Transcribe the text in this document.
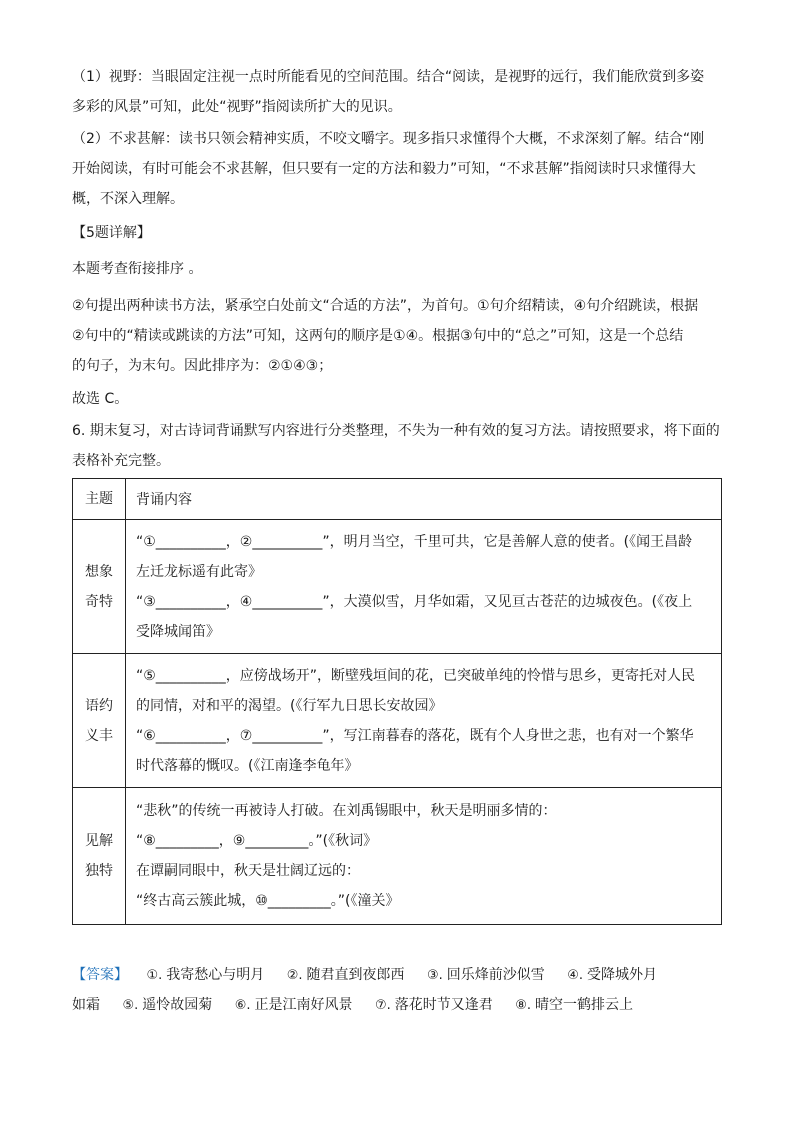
（1）视野：当眼固定注视一点时所能看见的空间范围。结合“阅读，是视野的远行，我们能欣赏到多姿
多彩的风景”可知，此处“视野”指阅读所扩大的见识。
（2）不求甚解：读书只领会精神实质，不咬文嚼字。现多指只求懂得个大概，不求深刻了解。结合“刚
开始阅读，有时可能会不求甚解，但只要有一定的方法和毅力”可知，“不求甚解”指阅读时只求懂得大
概，不深入理解。
【5题详解】
本题考查衔接排序 。
②句提出两种读书方法，紧承空白处前文“合适的方法”，为首句。①句介绍精读，④句介绍跳读，根据
②句中的“精读或跳读的方法”可知，这两句的顺序是①④。根据③句中的“总之”可知，这是一个总结
的句子，为末句。因此排序为：②①④③；
故选 C。
6. 期末复习，对古诗词背诵默写内容进行分类整理，不失为一种有效的复习方法。请按照要求，将下面的
表格补充完整。
主题	背诵内容

想象
奇特	“①__________，②__________”，明月当空，千里可共，它是善解人意的使者。(《闻王昌龄
左迁龙标遥有此寄》
“③__________，④__________”，大漠似雪，月华如霜，又见亘古苍茫的边城夜色。(《夜上
受降城闻笛》

语约
义丰	“⑤__________，应傍战场开”，断壁残垣间的花，已突破单纯的怜惜与思乡，更寄托对人民
的同情，对和平的渴望。(《行军九日思长安故园》
“⑥__________，⑦__________”，写江南暮春的落花，既有个人身世之悲，也有对一个繁华
时代落幕的慨叹。(《江南逢李龟年》

见解
独特	“悲秋”的传统一再被诗人打破。在刘禹锡眼中，秋天是明丽多情的：
“⑧_________，⑨_________。”(《秋词》
在谭嗣同眼中，秋天是壮阔辽远的：
“终古高云簇此城，⑩_________。”(《潼关》
【答案】 ①. 我寄愁心与明月 ②. 随君直到夜郎西 ③. 回乐烽前沙似雪 ④. 受降城外月
如霜 ⑤. 遥怜故园菊 ⑥. 正是江南好风景 ⑦. 落花时节又逢君 ⑧. 晴空一鹤排云上
